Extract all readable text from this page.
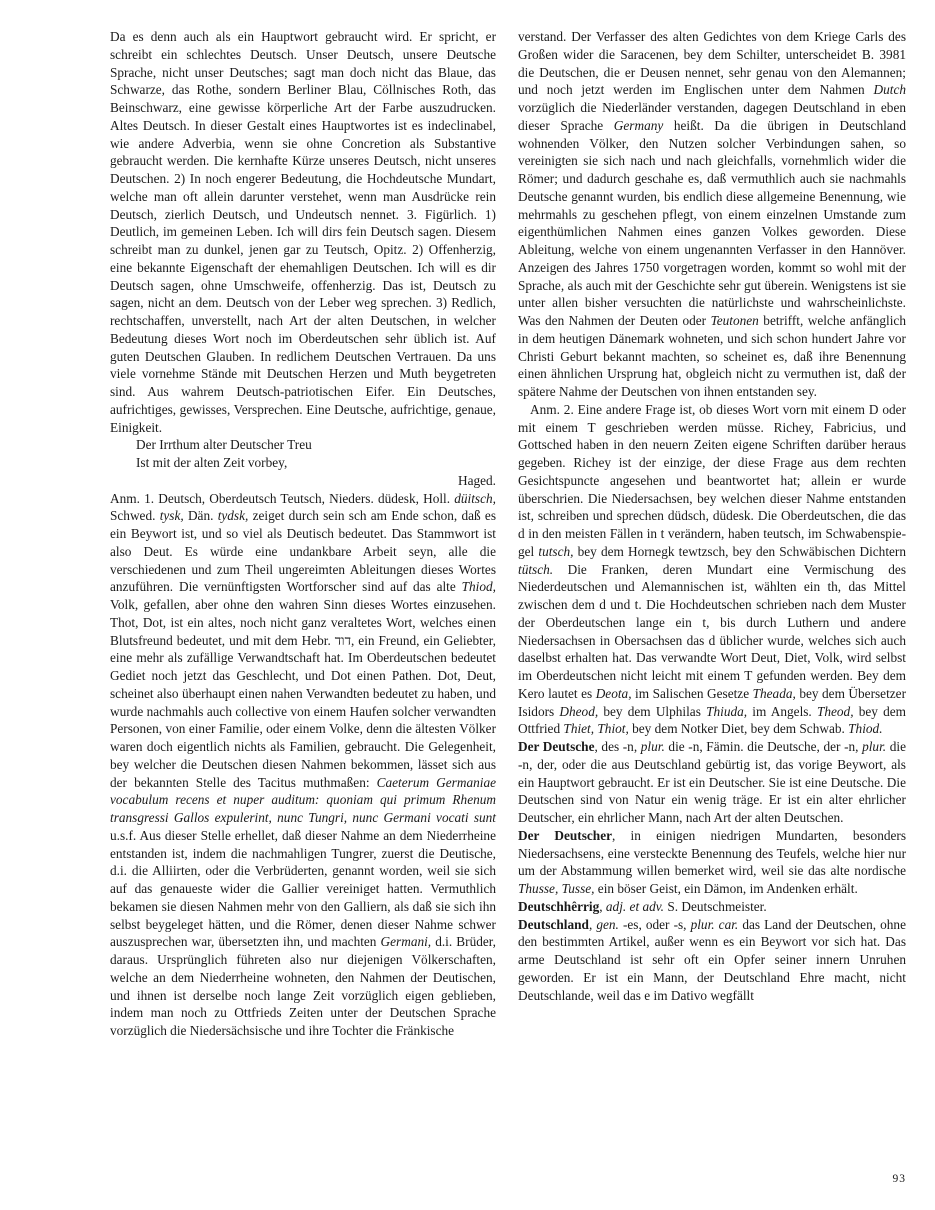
Da es denn auch als ein Hauptwort gebraucht wird. Er spricht, er schreibt ein schlechtes Deutsch. Unser Deutsch, unsere Deutsche Sprache, nicht unser Deutsches; sagt man doch nicht das Blaue, das Schwarze, das Rothe, sondern Berliner Blau, Cöllnisches Roth, das Beinschwarz, eine gewisse körperliche Art der Farbe auszudrucken. Altes Deutsch. In dieser Gestalt eines Hauptwortes ist es indeclinabel, wie andere Adverbia, wenn sie ohne Concretion als Substantive gebraucht werden. Die kernhafte Kürze unseres Deutsch, nicht unseres Deutschen. 2) In noch engerer Bedeutung, die Hochdeutsche Mundart, welche man oft allein darunter verstehet, wenn man Ausdrücke rein Deutsch, zierlich Deutsch, und Undeutsch nennet. 3. Figürlich. 1) Deutlich, im gemeinen Leben. Ich will dirs fein Deutsch sagen. Diesem schreibt man zu dunkel, jenen gar zu Teutsch, Opitz. 2) Offenherzig, eine bekannte Eigenschaft der ehemahligen Deutschen. Ich will es dir Deutsch sagen, ohne Umschweife, offenherzig. Das ist, Deutsch zu sagen, nicht an dem. Deutsch von der Leber weg sprechen. 3) Redlich, rechtschaffen, unverstellt, nach Art der alten Deutschen, in welcher Bedeutung dieses Wort noch im Oberdeutschen sehr üblich ist. Auf guten Deutschen Glauben. In redlichem Deutschen Vertrauen. Da uns viele vornehme Stände mit Deutschen Herzen und Muth beygetreten sind. Aus wahrem Deutsch-patriotischen Eifer. Ein Deutsches, aufrichtiges, gewisses, Versprechen. Eine Deutsche, aufrichtige, genaue, Einigkeit.

Der Irrthum alter Deutscher Treu

Ist mit der alten Zeit vorbey,

Haged.

Anm. 1. Deutsch, Oberdeutsch Teutsch, Nieders. düdesk, Holl. düitsch, Schwed. tysk, Dän. tydsk, zeiget durch sein sch am Ende schon, daß es ein Beywort ist, und so viel als Deutisch bedeutet. Das Stammwort ist also Deut. Es würde eine undankbare Arbeit seyn, alle die verschiedenen und zum Theil ungereimten Ableitungen dieses Wortes anzuführen. Die vernünftigsten Wortforscher sind auf das alte Thiod, Volk, gefallen, aber ohne den wahren Sinn dieses Wortes einzusehen. Thot, Dot, ist ein altes, noch nicht ganz veraltetes Wort, welches einen Blutsfreund bedeutet, und mit dem Hebr. דוד, ein Freund, ein Geliebter, eine mehr als zufällige Verwandtschaft hat. Im Oberdeutschen bedeutet Gediet noch jetzt das Geschlecht, und Dot einen Pathen. Dot, Deut, scheinet also überhaupt einen nahen Verwandten bedeutet zu haben, und wurde nachmahls auch collective von einem Haufen solcher verwandten Personen, von einer Familie, oder einem Volke, denn die ältesten Völker waren doch eigentlich nichts als Familien, gebraucht. Die Gelegenheit, bey welcher die Deutschen diesen Nahmen bekommen, lässet sich aus der bekannten Stelle des Tacitus muthmaßen: Caeterum Germaniae vocabulum recens et nuper auditum: quoniam qui primum Rhenum transgressi Gallos expulerint, nunc Tungri, nunc Germani vocati sunt u.s.f. Aus dieser Stelle erhellet, daß dieser Nahme an dem Niederrheine entstanden ist, indem die nachmahligen Tungrer, zuerst die Deutische, d.i. die Alliirten, oder die Verbrüderten, genannt worden, weil sie sich auf das genaueste wider die Gallier vereiniget hatten. Vermuthlich bekamen sie diesen Nahmen mehr von den Galliern, als daß sie sich ihn selbst beygeleget hätten, und die Römer, denen dieser Nahme schwer auszusprechen war, übersetzten ihn, und machten Germani, d.i. Brüder, daraus. Ursprünglich führeten also nur diejenigen Völkerschaften, welche an dem Niederrheine wohneten, den Nahmen der Deutischen, und ihnen ist derselbe noch lange Zeit vorzüglich eigen geblieben, indem man noch zu Ottfrieds Zeiten unter der Deutschen Sprache vorzüglich die Niedersächsische und ihre Tochter die Fränkische

verstand. Der Verfasser des alten Gedichtes von dem Kriege Carls des Großen wider die Saracenen, bey dem Schilter, unterscheidet B. 3981 die Deutschen, die er Deusen nennet, sehr genau von den Alemannen; und noch jetzt werden im Englischen unter dem Nahmen Dutch vorzüglich die Niederländer verstanden, dagegen Deutschland in eben dieser Sprache Germany heißt. Da die übrigen in Deutschland wohnenden Völker, den Nutzen solcher Verbindungen sahen, so vereinigten sie sich nach und nach gleichfalls, vornehmlich wider die Römer; und dadurch geschahe es, daß vermuthlich auch sie nachmahls Deutsche genannt wurden, bis endlich diese allgemeine Benennung, wie mehrmahls zu geschehen pflegt, von einem einzelnen Umstande zum eigenthümlichen Nahmen eines ganzen Volkes geworden. Diese Ableitung, welche von einem ungenannten Verfasser in den Hannöver. Anzeigen des Jahres 1750 vorgetragen worden, kommt so wohl mit der Sprache, als auch mit der Geschichte sehr gut überein. Wenigstens ist sie unter allen bisher versuchten die natürlichste und wahrscheinlichste. Was den Nahmen der Deuten oder Teutonen betrifft, welche anfänglich in dem heutigen Dänemark wohneten, und sich schon hundert Jahre vor Christi Geburt bekannt machten, so scheinet es, daß ihre Benennung einen ähnlichen Ursprung hat, obgleich nicht zu vermuthen ist, daß der spätere Nahme der Deutschen von ihnen entstanden sey.

Anm. 2. Eine andere Frage ist, ob dieses Wort vorn mit einem D oder mit einem T geschrieben werden müsse. Richey, Fabricius, und Gottsched haben in den neuern Zeiten eigene Schriften darüber heraus gegeben. Richey ist der einzige, der diese Frage aus dem rechten Gesichtspuncte angesehen und beantwortet hat; allein er wurde überschrien. Die Niedersachsen, bey welchen dieser Nahme entstanden ist, schreiben und sprechen düdsch, düdesk. Die Oberdeutschen, die das d in den meisten Fällen in t verändern, haben teutsch, im Schwabenspiegel tutsch, bey dem Hornegk tewtzsch, bey den Schwäbischen Dichtern tütsch. Die Franken, deren Mundart eine Vermischung des Niederdeutschen und Alemannischen ist, wählten ein th, das Mittel zwischen dem d und t. Die Hochdeutschen schrieben nach dem Muster der Oberdeutschen lange ein t, bis durch Luthern und andere Niedersachsen in Obersachsen das d üblicher wurde, welches sich auch daselbst erhalten hat. Das verwandte Wort Deut, Diet, Volk, wird selbst im Oberdeutschen nicht leicht mit einem T gefunden werden. Bey dem Kero lautet es Deota, im Salischen Gesetze Theada, bey dem Übersetzer Isidors Dheod, bey dem Ulphilas Thiuda, im Angels. Theod, bey dem Ottfried Thiet, Thiot, bey dem Notker Diet, bey dem Schwab. Thiod.

Der Deutsche, des -n, plur. die -n, Fämin. die Deutsche, der -n, plur. die -n, der, oder die aus Deutschland gebürtig ist, das vorige Beywort, als ein Hauptwort gebraucht. Er ist ein Deutscher. Sie ist eine Deutsche. Die Deutschen sind von Natur ein wenig träge. Er ist ein alter ehrlicher Deutscher, ein ehrlicher Mann, nach Art der alten Deutschen.

Der Deutscher, in einigen niedrigen Mundarten, besonders Niedersachsens, eine versteckte Benennung des Teufels, welche hier nur um der Abstammung willen bemerket wird, weil sie das alte nordische Thusse, Tusse, ein böser Geist, ein Dämon, im Andenken erhält.

Deutschhêrrig, adj. et adv. S. Deutschmeister.

Deutschland, gen. -es, oder -s, plur. car. das Land der Deutschen, ohne den bestimmten Artikel, außer wenn es ein Beywort vor sich hat. Das arme Deutschland ist sehr oft ein Opfer seiner innern Unruhen geworden. Er ist ein Mann, der Deutschland Ehre macht, nicht Deutschlande, weil das e im Dativo wegfällt

93
